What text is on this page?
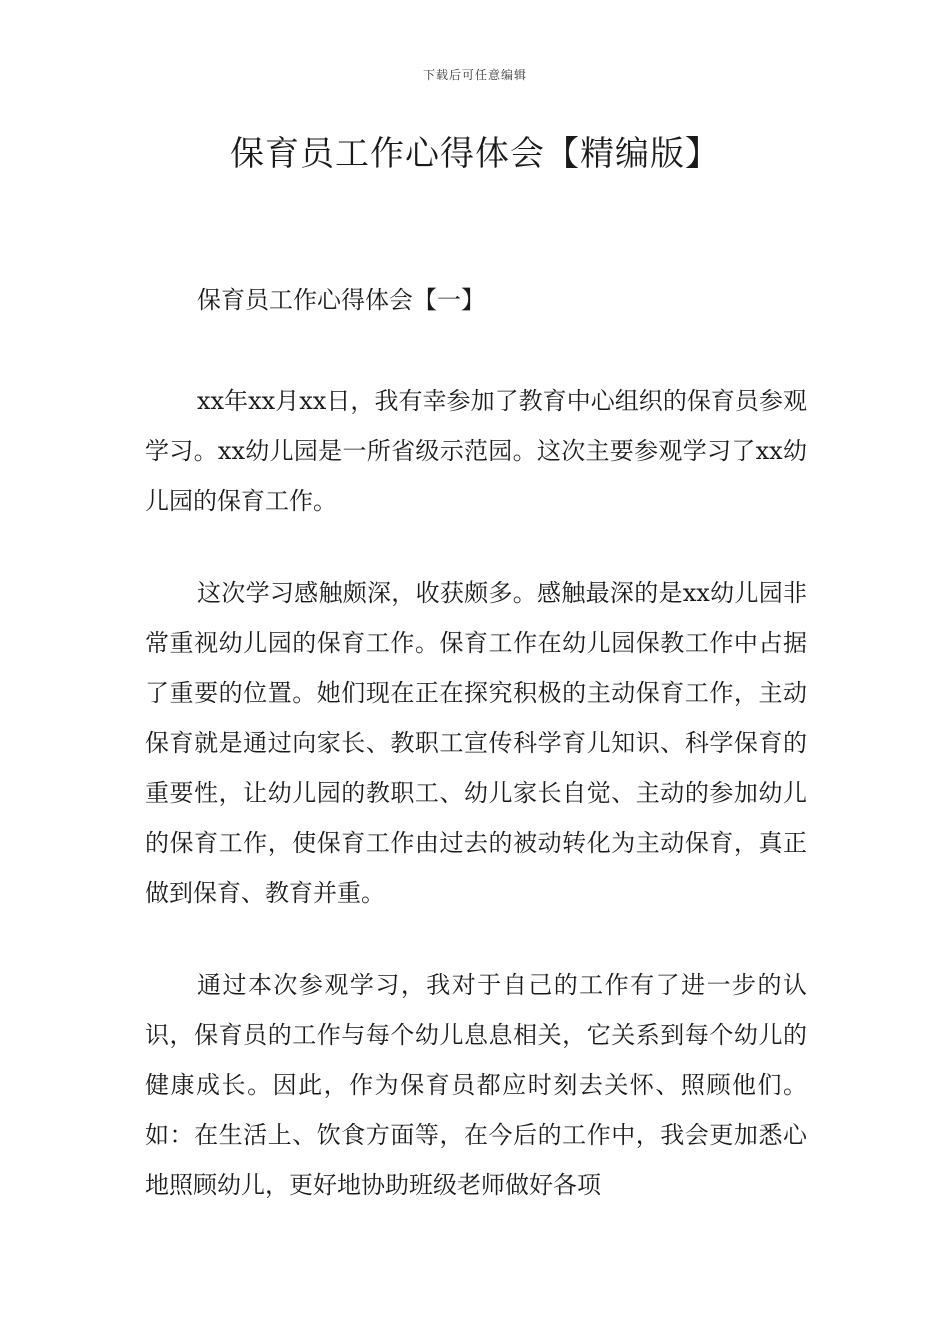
下载后可任意编辑
保育员工作心得体会【精编版】

保育员工作心得体会【一】

xx年xx月xx日，我有幸参加了教育中心组织的保育员参观学习。xx幼儿园是一所省级示范园。这次主要参观学习了xx幼儿园的保育工作。

这次学习感触颇深，收获颇多。感触最深的是xx幼儿园非常重视幼儿园的保育工作。保育工作在幼儿园保教工作中占据了重要的位置。她们现在正在探究积极的主动保育工作，主动保育就是通过向家长、教职工宣传科学育儿知识、科学保育的重要性，让幼儿园的教职工、幼儿家长自觉、主动的参加幼儿的保育工作，使保育工作由过去的被动转化为主动保育，真正做到保育、教育并重。

通过本次参观学习，我对于自己的工作有了进一步的认识，保育员的工作与每个幼儿息息相关，它关系到每个幼儿的健康成长。因此，作为保育员都应时刻去关怀、照顾他们。如：在生活上、饮食方面等，在今后的工作中，我会更加悉心地照顾幼儿，更好地协助班级老师做好各项
